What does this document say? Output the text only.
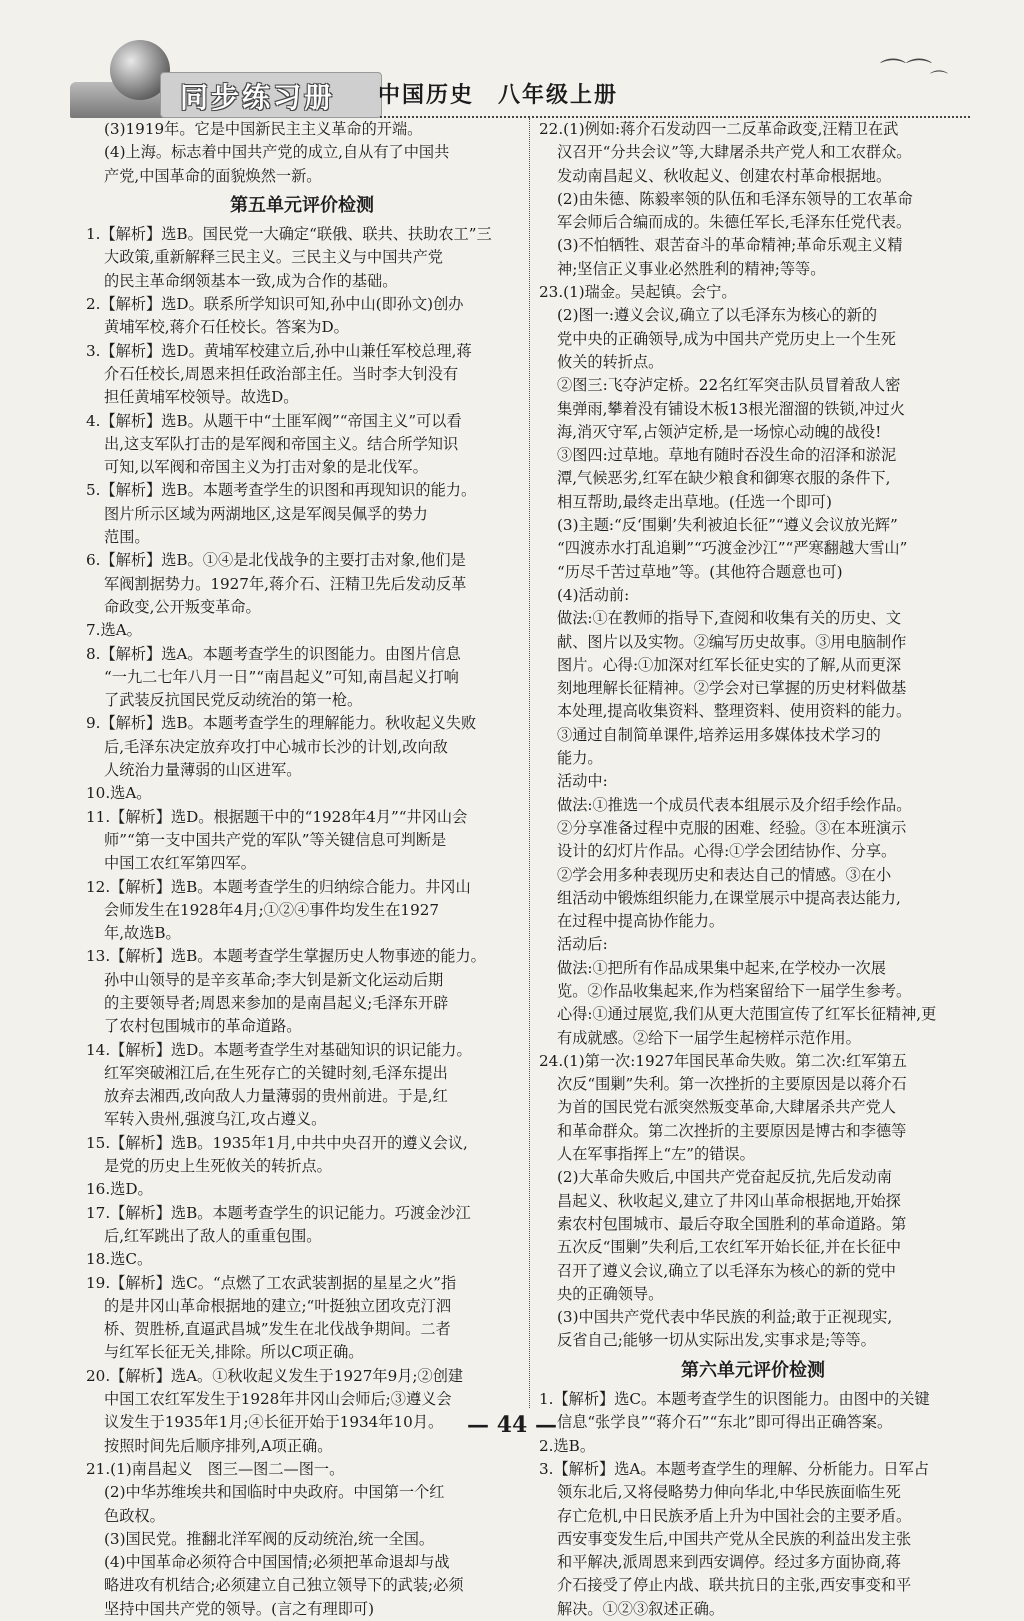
同步练习册 中国历史　八年级上册
⌒⌒
⌒
(3)1919年。它是中国新民主主义革命的开端。
(4)上海。标志着中国共产党的成立,自从有了中国共
产党,中国革命的面貌焕然一新。
第五单元评价检测
1.【解析】选B。国民党一大确定“联俄、联共、扶助农工”三
大政策,重新解释三民主义。三民主义与中国共产党
的民主革命纲领基本一致,成为合作的基础。
2.【解析】选D。联系所学知识可知,孙中山(即孙文)创办
黄埔军校,蒋介石任校长。答案为D。
3.【解析】选D。黄埔军校建立后,孙中山兼任军校总理,蒋
介石任校长,周恩来担任政治部主任。当时李大钊没有
担任黄埔军校领导。故选D。
4.【解析】选B。从题干中“土匪军阀”“帝国主义”可以看
出,这支军队打击的是军阀和帝国主义。结合所学知识
可知,以军阀和帝国主义为打击对象的是北伐军。
5.【解析】选B。本题考查学生的识图和再现知识的能力。
图片所示区域为两湖地区,这是军阀吴佩孚的势力
范围。
6.【解析】选B。①④是北伐战争的主要打击对象,他们是
军阀割据势力。1927年,蒋介石、汪精卫先后发动反革
命政变,公开叛变革命。
7.选A。
8.【解析】选A。本题考查学生的识图能力。由图片信息
“一九二七年八月一日”“南昌起义”可知,南昌起义打响
了武装反抗国民党反动统治的第一枪。
9.【解析】选B。本题考查学生的理解能力。秋收起义失败
后,毛泽东决定放弃攻打中心城市长沙的计划,改向敌
人统治力量薄弱的山区进军。
10.选A。
11.【解析】选D。根据题干中的“1928年4月”“井冈山会
师”“第一支中国共产党的军队”等关键信息可判断是
中国工农红军第四军。
12.【解析】选B。本题考查学生的归纳综合能力。井冈山
会师发生在1928年4月;①②④事件均发生在1927
年,故选B。
13.【解析】选B。本题考查学生掌握历史人物事迹的能力。
孙中山领导的是辛亥革命;李大钊是新文化运动后期
的主要领导者;周恩来参加的是南昌起义;毛泽东开辟
了农村包围城市的革命道路。
14.【解析】选D。本题考查学生对基础知识的识记能力。
红军突破湘江后,在生死存亡的关键时刻,毛泽东提出
放弃去湘西,改向敌人力量薄弱的贵州前进。于是,红
军转入贵州,强渡乌江,攻占遵义。
15.【解析】选B。1935年1月,中共中央召开的遵义会议,
是党的历史上生死攸关的转折点。
16.选D。
17.【解析】选B。本题考查学生的识记能力。巧渡金沙江
后,红军跳出了敌人的重重包围。
18.选C。
19.【解析】选C。“点燃了工农武装割据的星星之火”指
的是井冈山革命根据地的建立;“叶挺独立团攻克汀泗
桥、贺胜桥,直逼武昌城”发生在北伐战争期间。二者
与红军长征无关,排除。所以C项正确。
20.【解析】选A。①秋收起义发生于1927年9月;②创建
中国工农红军发生于1928年井冈山会师后;③遵义会
议发生于1935年1月;④长征开始于1934年10月。
按照时间先后顺序排列,A项正确。
21.(1)南昌起义　图三—图二—图一。
(2)中华苏维埃共和国临时中央政府。中国第一个红
色政权。
(3)国民党。推翻北洋军阀的反动统治,统一全国。
(4)中国革命必须符合中国国情;必须把革命退却与战
略进攻有机结合;必须建立自己独立领导下的武装;必须
坚持中国共产党的领导。(言之有理即可)
22.(1)例如:蒋介石发动四一二反革命政变,汪精卫在武
汉召开“分共会议”等,大肆屠杀共产党人和工农群众。
发动南昌起义、秋收起义、创建农村革命根据地。
(2)由朱德、陈毅率领的队伍和毛泽东领导的工农革命
军会师后合编而成的。朱德任军长,毛泽东任党代表。
(3)不怕牺牲、艰苦奋斗的革命精神;革命乐观主义精
神;坚信正义事业必然胜利的精神;等等。
23.(1)瑞金。吴起镇。会宁。
(2)图一:遵义会议,确立了以毛泽东为核心的新的
党中央的正确领导,成为中国共产党历史上一个生死
攸关的转折点。
②图三:飞夺泸定桥。22名红军突击队员冒着敌人密
集弹雨,攀着没有铺设木板13根光溜溜的铁锁,冲过火
海,消灭守军,占领泸定桥,是一场惊心动魄的战役!
③图四:过草地。草地有随时吞没生命的沼泽和淤泥
潭,气候恶劣,红军在缺少粮食和御寒衣服的条件下,
相互帮助,最终走出草地。(任选一个即可)
(3)主题:“反‘围剿’失利被迫长征”“遵义会议放光辉”
“四渡赤水打乱追剿”“巧渡金沙江”“严寒翻越大雪山”
“历尽千苦过草地”等。(其他符合题意也可)
(4)活动前:
做法:①在教师的指导下,查阅和收集有关的历史、文
献、图片以及实物。②编写历史故事。③用电脑制作
图片。心得:①加深对红军长征史实的了解,从而更深
刻地理解长征精神。②学会对已掌握的历史材料做基
本处理,提高收集资料、整理资料、使用资料的能力。
③通过自制简单课件,培养运用多媒体技术学习的
能力。
活动中:
做法:①推选一个成员代表本组展示及介绍手绘作品。
②分享准备过程中克服的困难、经验。③在本班演示
设计的幻灯片作品。心得:①学会团结协作、分享。
②学会用多种表现历史和表达自己的情感。③在小
组活动中锻炼组织能力,在课堂展示中提高表达能力,
在过程中提高协作能力。
活动后:
做法:①把所有作品成果集中起来,在学校办一次展
览。②作品收集起来,作为档案留给下一届学生参考。
心得:①通过展览,我们从更大范围宣传了红军长征精神,更
有成就感。②给下一届学生起榜样示范作用。
24.(1)第一次:1927年国民革命失败。第二次:红军第五
次反“围剿”失利。第一次挫折的主要原因是以蒋介石
为首的国民党右派突然叛变革命,大肆屠杀共产党人
和革命群众。第二次挫折的主要原因是博古和李德等
人在军事指挥上“左”的错误。
(2)大革命失败后,中国共产党奋起反抗,先后发动南
昌起义、秋收起义,建立了井冈山革命根据地,开始探
索农村包围城市、最后夺取全国胜利的革命道路。第
五次反“围剿”失利后,工农红军开始长征,并在长征中
召开了遵义会议,确立了以毛泽东为核心的新的党中
央的正确领导。
(3)中国共产党代表中华民族的利益;敢于正视现实,
反省自己;能够一切从实际出发,实事求是;等等。
第六单元评价检测
1.【解析】选C。本题考查学生的识图能力。由图中的关键
信息“张学良”“蒋介石”“东北”即可得出正确答案。
2.选B。
3.【解析】选A。本题考查学生的理解、分析能力。日军占
领东北后,又将侵略势力伸向华北,中华民族面临生死
存亡危机,中日民族矛盾上升为中国社会的主要矛盾。
西安事变发生后,中国共产党从全民族的利益出发主张
和平解决,派周恩来到西安调停。经过多方面协商,蒋
介石接受了停止内战、联共抗日的主张,西安事变和平
解决。①②③叙述正确。
— 44 —
